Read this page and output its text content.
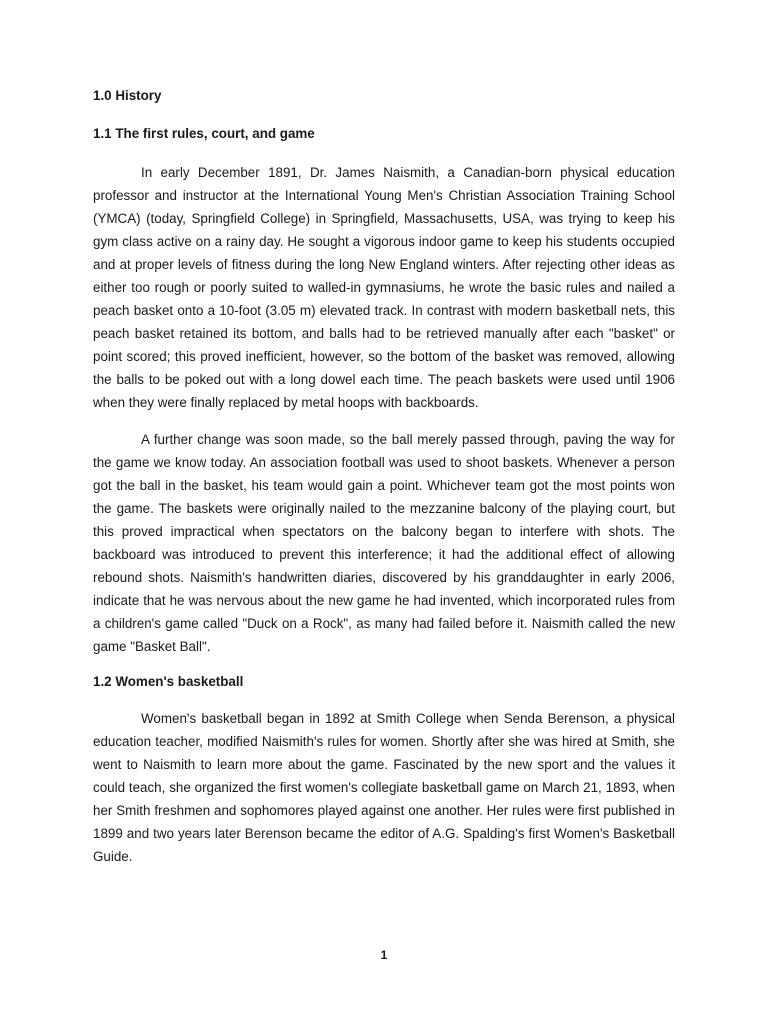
1.0 History
1.1 The first rules, court, and game

In early December 1891, Dr. James Naismith, a Canadian-born physical education professor and instructor at the International Young Men's Christian Association Training School (YMCA) (today, Springfield College) in Springfield, Massachusetts, USA, was trying to keep his gym class active on a rainy day. He sought a vigorous indoor game to keep his students occupied and at proper levels of fitness during the long New England winters. After rejecting other ideas as either too rough or poorly suited to walled-in gymnasiums, he wrote the basic rules and nailed a peach basket onto a 10-foot (3.05 m) elevated track. In contrast with modern basketball nets, this peach basket retained its bottom, and balls had to be retrieved manually after each "basket" or point scored; this proved inefficient, however, so the bottom of the basket was removed, allowing the balls to be poked out with a long dowel each time. The peach baskets were used until 1906 when they were finally replaced by metal hoops with backboards.

A further change was soon made, so the ball merely passed through, paving the way for the game we know today. An association football was used to shoot baskets. Whenever a person got the ball in the basket, his team would gain a point. Whichever team got the most points won the game. The baskets were originally nailed to the mezzanine balcony of the playing court, but this proved impractical when spectators on the balcony began to interfere with shots. The backboard was introduced to prevent this interference; it had the additional effect of allowing rebound shots. Naismith's handwritten diaries, discovered by his granddaughter in early 2006, indicate that he was nervous about the new game he had invented, which incorporated rules from a children's game called "Duck on a Rock", as many had failed before it. Naismith called the new game "Basket Ball".

1.2 Women's basketball

Women's basketball began in 1892 at Smith College when Senda Berenson, a physical education teacher, modified Naismith's rules for women. Shortly after she was hired at Smith, she went to Naismith to learn more about the game. Fascinated by the new sport and the values it could teach, she organized the first women's collegiate basketball game on March 21, 1893, when her Smith freshmen and sophomores played against one another. Her rules were first published in 1899 and two years later Berenson became the editor of A.G. Spalding's first Women's Basketball Guide.

1
